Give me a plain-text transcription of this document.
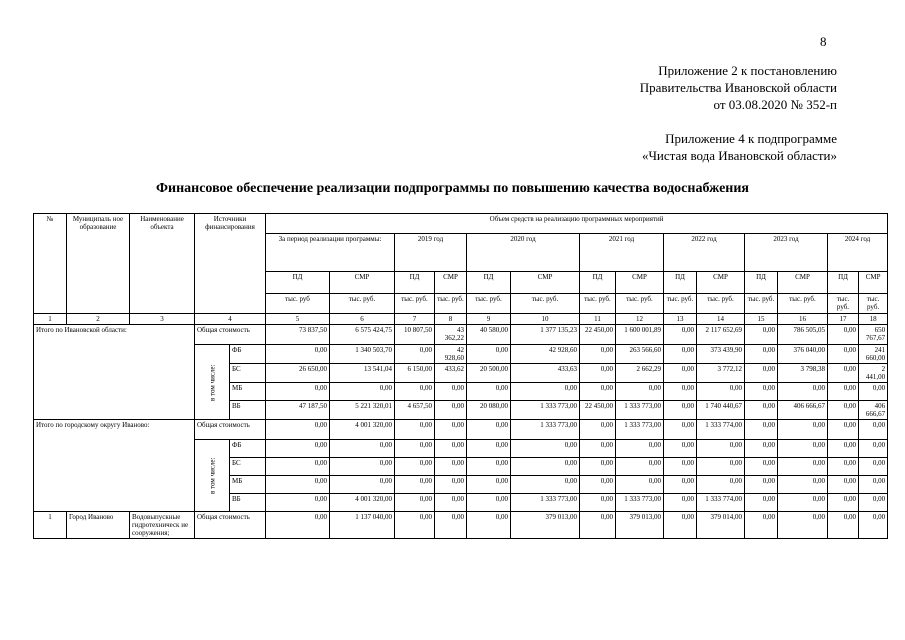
8
Приложение 2 к постановлению
Правительства Ивановской области
от 03.08.2020 № 352-п
Приложение 4 к подпрограмме
«Чистая вода Ивановской области»
Финансовое обеспечение реализации подпрограммы по повышению качества водоснабжения
№	Муниципаль ное образование	Наименование объекта	Источники финансирования		Объем средств на реализацию программных мероприятий													
					За период реализации программы:		2019 год		2020 год		2021 год		2022 год		2023 год		2024 год	
					ПД	СМР	ПД	СМР	ПД	СМР	ПД	СМР	ПД	СМР	ПД	СМР	ПД	СМР
					тыс. руб	тыс. руб.	тыс. руб.	тыс. руб.	тыс. руб.	тыс. руб.	тыс. руб.	тыс. руб.	тыс. руб.	тыс. руб.	тыс. руб.	тыс. руб.	тыс. руб.	тыс. руб.
1	2	3	4		5	6	7	8	9	10	11	12	13	14	15	16	17	18
Итого по Ивановской области:			Общая стоимость		73 837,50	6 575 424,75	10 807,50	43 362,22	40 580,00	1 377 135,23	22 450,00	1 600 001,89	0,00	2 117 652,69	0,00	786 505,05	0,00	650 767,67
			в том числе:	ФБ	0,00	1 340 503,70	0,00	42 928,60	0,00	42 928,60	0,00	263 566,60	0,00	373 439,90	0,00	376 040,00	0,00	241 660,00
				БС	26 650,00	13 541,04	6 150,00	433,62	20 500,00	433,63	0,00	2 662,29	0,00	3 772,12	0,00	3 798,38	0,00	2 441,00
				МБ	0,00	0,00	0,00	0,00	0,00	0,00	0,00	0,00	0,00	0,00	0,00	0,00	0,00	0,00
				ВБ	47 187,50	5 221 320,01	4 657,50	0,00	20 080,00	1 333 773,00	22 450,00	1 333 773,00	0,00	1 740 440,67	0,00	406 666,67	0,00	406 666,67
Итого по городскому округу Иваново:			Общая стоимость		0,00	4 001 320,00	0,00	0,00	0,00	1 333 773,00	0,00	1 333 773,00	0,00	1 333 774,00	0,00	0,00	0,00	0,00
			в том числе:	ФБ	0,00	0,00	0,00	0,00	0,00	0,00	0,00	0,00	0,00	0,00	0,00	0,00	0,00	0,00
				БС	0,00	0,00	0,00	0,00	0,00	0,00	0,00	0,00	0,00	0,00	0,00	0,00	0,00	0,00
				МБ	0,00	0,00	0,00	0,00	0,00	0,00	0,00	0,00	0,00	0,00	0,00	0,00	0,00	0,00
				ВБ	0,00	4 001 320,00	0,00	0,00	0,00	1 333 773,00	0,00	1 333 773,00	0,00	1 333 774,00	0,00	0,00	0,00	0,00
1	Город Иваново	Водовыпускные гидротехническ ие сооружения;	Общая стоимость		0,00	1 137 040,00	0,00	0,00	0,00	379 013,00	0,00	379 013,00	0,00	379 014,00	0,00	0,00	0,00	0,00
